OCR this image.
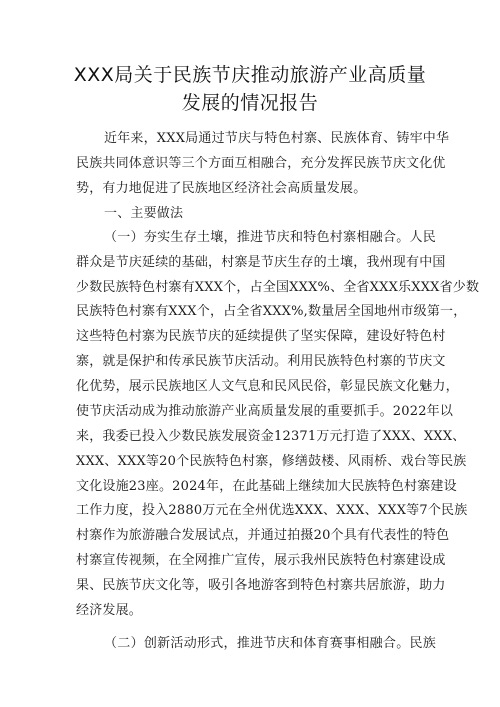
XXX局关于民族节庆推动旅游产业高质量
发展的情况报告
近年来，XXX局通过节庆与特色村寨、民族体育、铸牢中华
民族共同体意识等三个方面互相融合，充分发挥民族节庆文化优
势，有力地促进了民族地区经济社会高质量发展。
一、主要做法
（一）夯实生存土壤，推进节庆和特色村寨相融合。人民
群众是节庆延续的基础，村寨是节庆生存的土壤，我州现有中国
少数民族特色村寨有XXX个，占全国XXX%、全省XXX乐XXX省少数
民族特色村寨有XXX个，占全省XXX%,数量居全国地州市级第一，
这些特色村寨为民族节庆的延续提供了坚实保障，建设好特色村
寨，就是保护和传承民族节庆活动。利用民族特色村寨的节庆文
化优势，展示民族地区人文气息和民风民俗，彰显民族文化魅力，
使节庆活动成为推动旅游产业高质量发展的重要抓手。2022年以
来，我委已投入少数民族发展资金12371万元打造了XXX、XXX、
XXX、XXX等20个民族特色村寨，修缮鼓楼、风雨桥、戏台等民族
文化设施23座。2024年，在此基础上继续加大民族特色村寨建设
工作力度，投入2880万元在全州优选XXX、XXX、XXX等7个民族
村寨作为旅游融合发展试点，并通过拍摄20个具有代表性的特色
村寨宣传视频，在全网推广宣传，展示我州民族特色村寨建设成
果、民族节庆文化等，吸引各地游客到特色村寨共居旅游，助力
经济发展。
（二）创新活动形式，推进节庆和体育赛事相融合。民族
